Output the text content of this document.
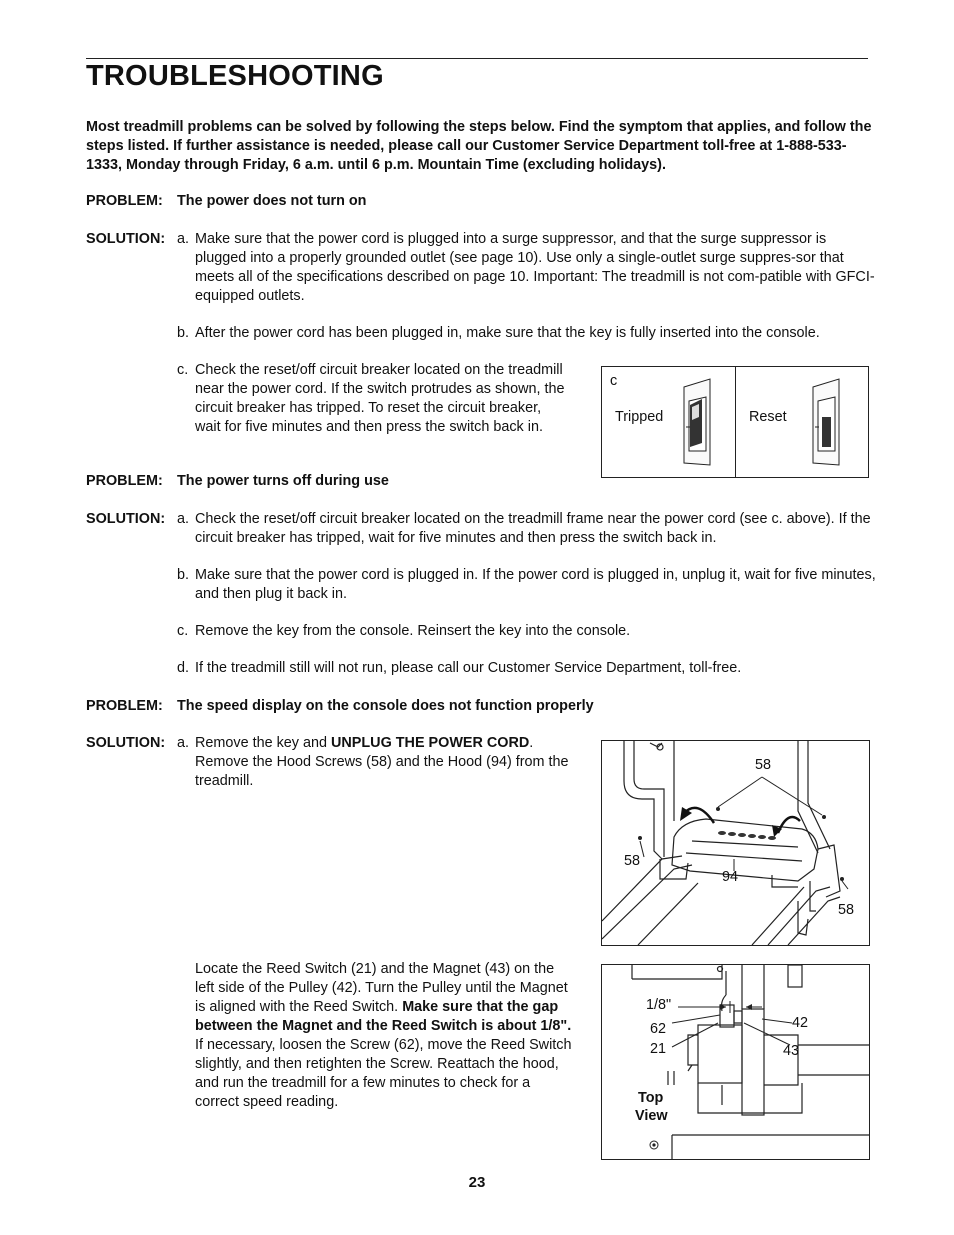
TROUBLESHOOTING
Most treadmill problems can be solved by following the steps below. Find the symptom that applies, and follow the steps listed. If further assistance is needed, please call our Customer Service Department toll-free at 1-888-533-1333, Monday through Friday, 6 a.m. until 6 p.m. Mountain Time (excluding holidays).
PROBLEM: The power does not turn on
SOLUTION: a. Make sure that the power cord is plugged into a surge suppressor, and that the surge suppressor is plugged into a properly grounded outlet (see page 10). Use only a single-outlet surge suppres-sor that meets all of the specifications described on page 10. Important: The treadmill is not com-patible with GFCI-equipped outlets.
b. After the power cord has been plugged in, make sure that the key is fully inserted into the console.
c. Check the reset/off circuit breaker located on the treadmill near the power cord. If the switch protrudes as shown, the circuit breaker has tripped. To reset the circuit breaker, wait for five minutes and then press the switch back in.
c
Tripped	Reset
PROBLEM: The power turns off during use
SOLUTION: a. Check the reset/off circuit breaker located on the treadmill frame near the power cord (see c. above). If the circuit breaker has tripped, wait for five minutes and then press the switch back in.
b. Make sure that the power cord is plugged in. If the power cord is plugged in, unplug it, wait for five minutes, and then plug it back in.
c. Remove the key from the console. Reinsert the key into the console.
d. If the treadmill still will not run, please call our Customer Service Department, toll-free.
PROBLEM: The speed display on the console does not function properly
SOLUTION: a. Remove the key and UNPLUG THE POWER CORD. Remove the Hood Screws (58) and the Hood (94) from the treadmill.
58
58
94
58
Locate the Reed Switch (21) and the Magnet (43) on the left side of the Pulley (42). Turn the Pulley until the Magnet is aligned with the Reed Switch. Make sure that the gap between the Magnet and the Reed Switch is about 1/8". If necessary, loosen the Screw (62), move the Reed Switch slightly, and then retighten the Screw. Reattach the hood, and run the treadmill for a few minutes to check for a correct speed reading.
1/8"
62
21
42
43
Top
View
23
